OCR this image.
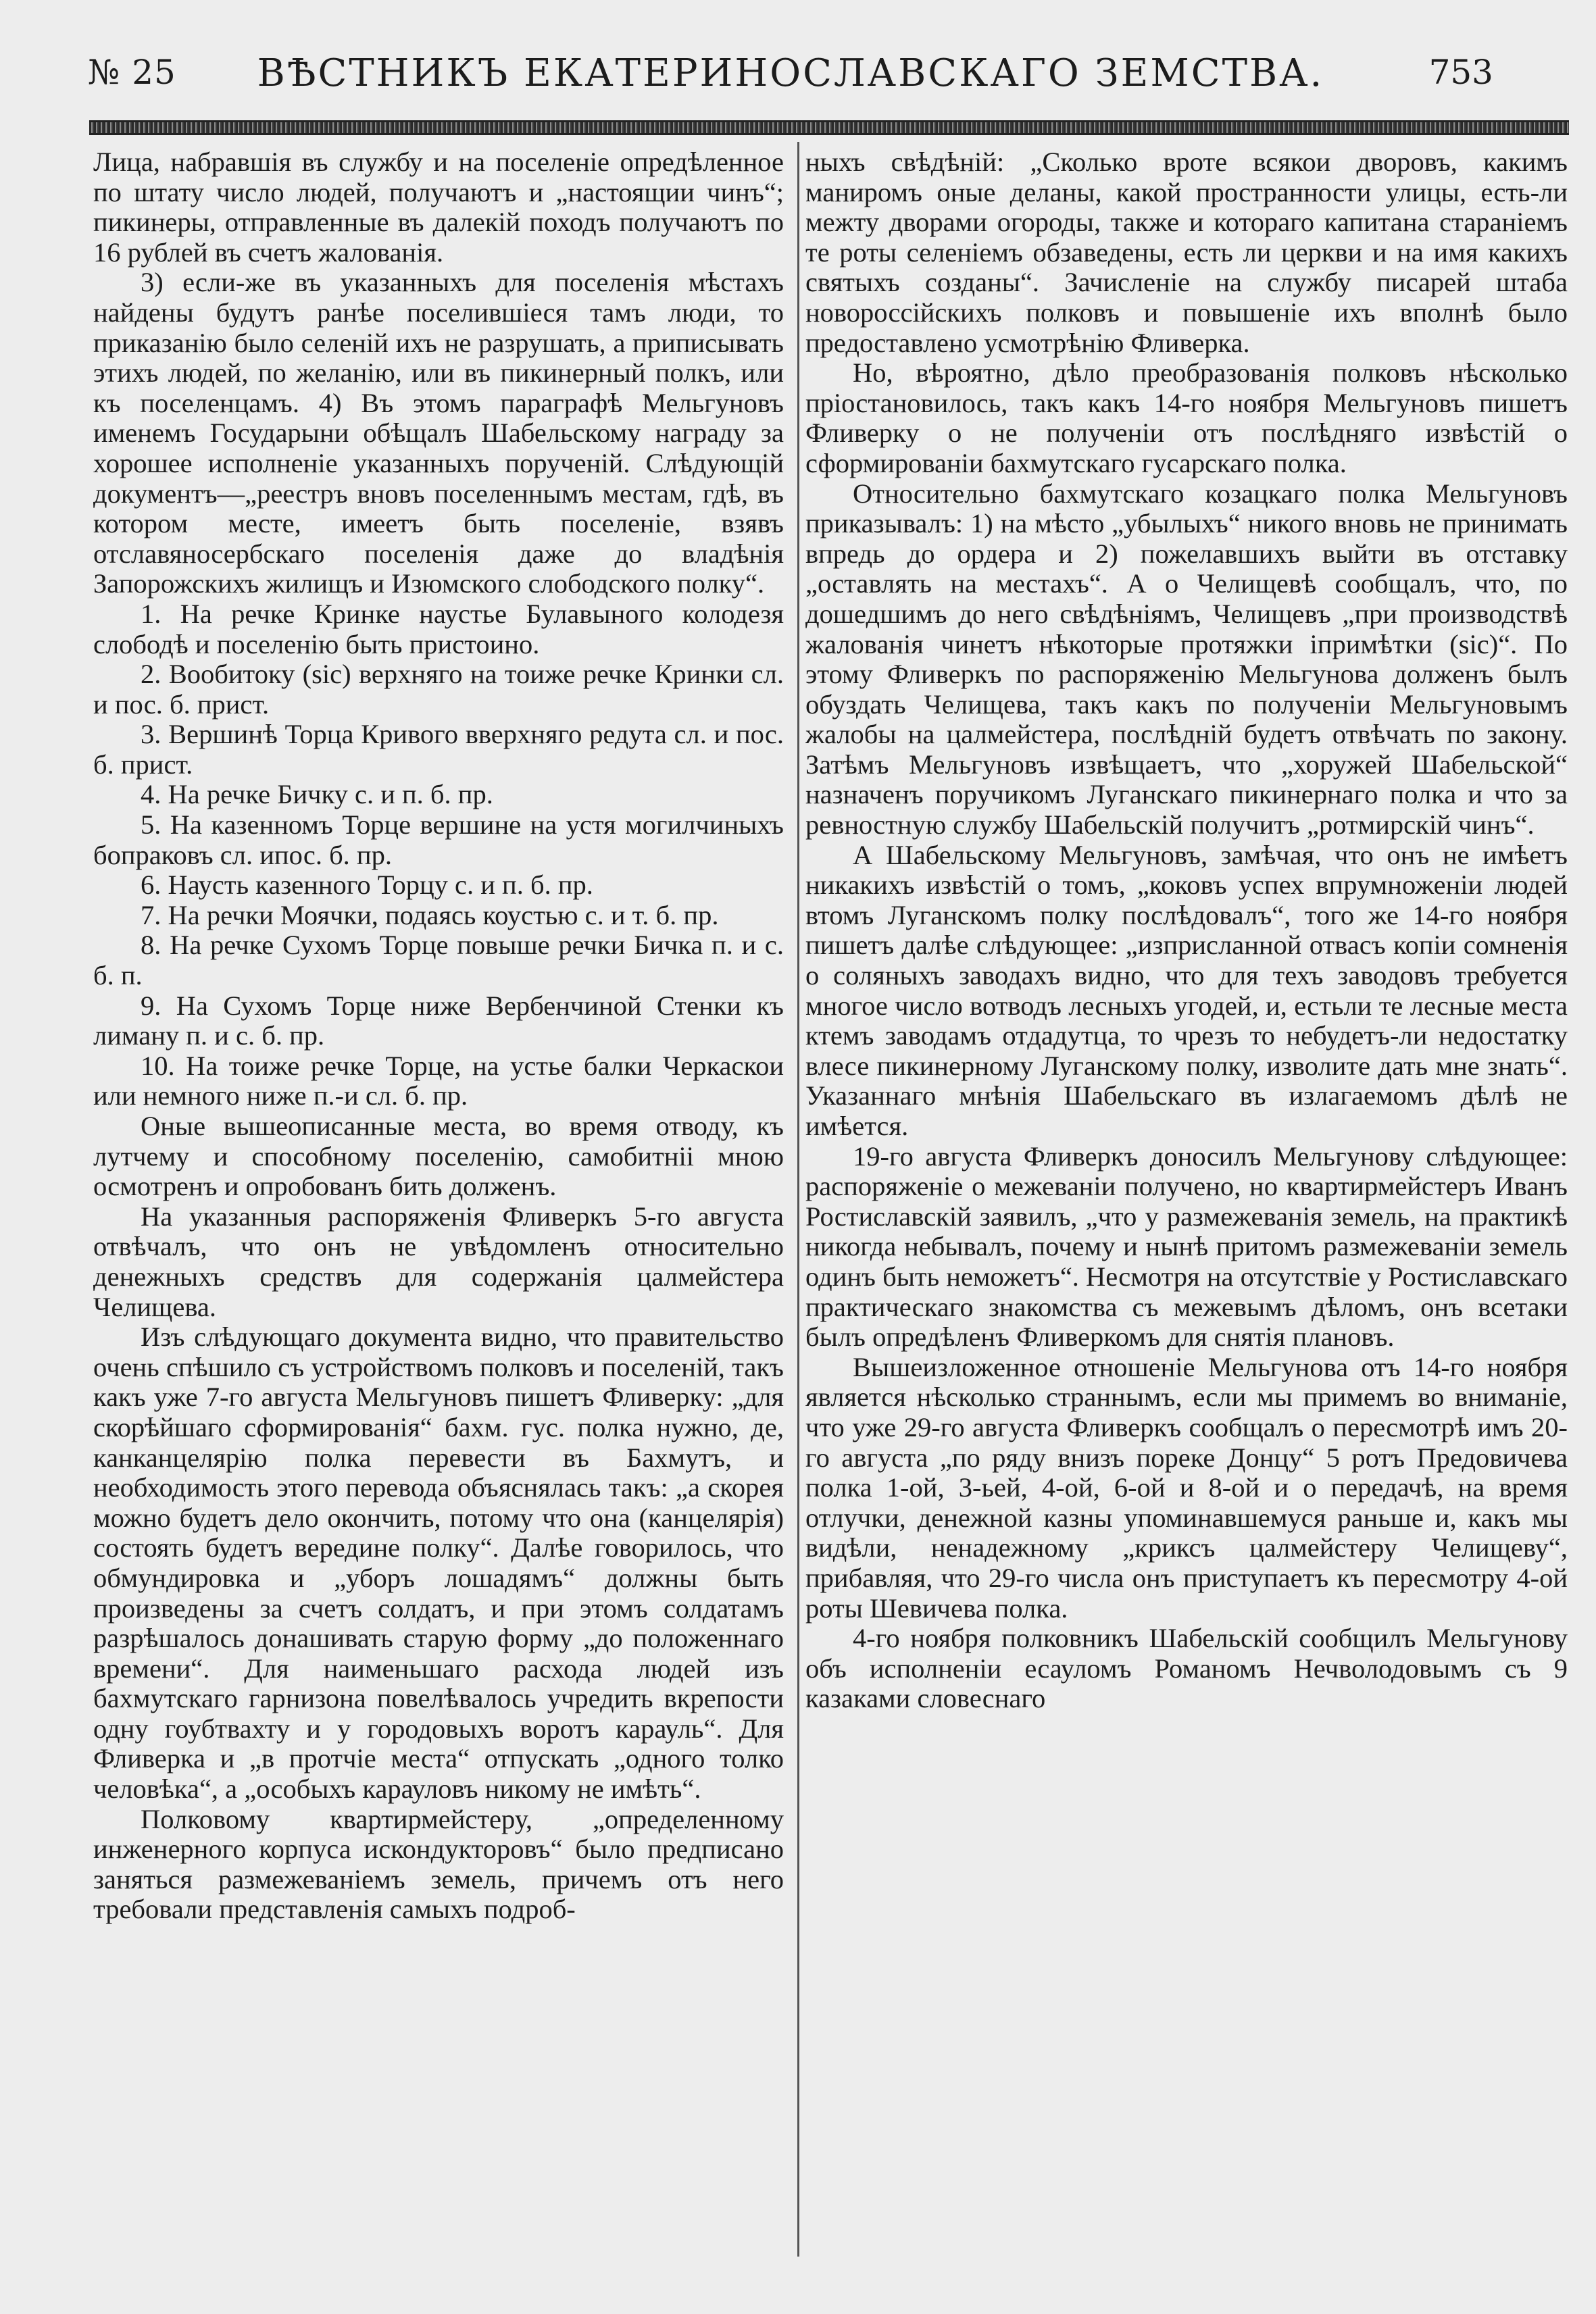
№ 25	ВѢСТНИКЪ ЕКАТЕРИНОСЛАВСКАГО ЗЕМСТВА.	753

Лица, набравшія въ службу и на поселеніе опредѣленное по штату число людей, получаютъ и „настоящии чинъ“; пикинеры, отправленные въ далекій походъ получаютъ по 16 рублей въ счетъ жалованія.

3) если-же въ указанныхъ для поселенія мѣстахъ найдены будутъ ранѣе поселившіеся тамъ люди, то приказанію было селеній ихъ не разрушать, а приписывать этихъ людей, по желанію, или въ пикинерный полкъ, или къ поселенцамъ. 4) Въ этомъ параграфѣ Мельгуновъ именемъ Государыни обѣщалъ Шабельскому награду за хорошее исполненіе указанныхъ порученій. Слѣдующій документъ—„реестръ вновъ поселеннымъ местам, гдѣ, въ котором месте, имеетъ быть поселеніе, взявъ отславяносербскаго поселенія даже до владѣнія Запорожскихъ жилищъ и Изюмского слободского полку“.

1. На речке Кринке наустье Булавыного колодезя слободѣ и поселенію быть пристоино.

2. Вообитоку (sic) верхняго на тоиже речке Кринки сл. и пос. б. прист.

3. Вершинѣ Торца Кривого вверхняго редута сл. и пос. б. прист.

4. На речке Бичку с. и п. б. пр.

5. На казенномъ Торце вершине на устя могилчиныхъ бопраковъ сл. ипос. б. пр.

6. Наусть казенного Торцу с. и п. б. пр.

7. На речки Моячки, подаясь коустью с. и т. б. пр.

8. На речке Сухомъ Торце повыше речки Бичка п. и с. б. п.

9. На Сухомъ Торце ниже Вербенчиной Стенки къ лиману п. и с. б. пр.

10. На тоиже речке Торце, на устье балки Черкаскои или немного ниже п.-и сл. б. пр.

Оные вышеописанные места, во время отводу, къ лутчему и способному поселенію, самобитніі мною осмотренъ и опробованъ бить долженъ.

На указанныя распоряженія Фливеркъ 5-го августа отвѣчалъ, что онъ не увѣдомленъ относительно денежныхъ средствъ для содержанія цалмейстера Челищева.

Изъ слѣдующаго документа видно, что правительство очень спѣшило съ устройствомъ полковъ и поселеній, такъ какъ уже 7-го августа Мельгуновъ пишетъ Фливерку: „для скорѣйшаго сформированія“ бахм. гус. полка нужно, де, канканцелярію полка перевести въ Бахмутъ, и необходимость этого перевода объяснялась такъ: „а скорея можно будетъ дело окончить, потому что она (канцелярія) состоять будетъ вередине полку“. Далѣе говорилось, что обмундировка и „уборъ лошадямъ“ должны быть произведены за счетъ солдатъ, и при этомъ солдатамъ разрѣшалось донашивать старую форму „до положеннаго времени“. Для наименьшаго расхода людей изъ бахмутскаго гарнизона повелѣвалось учредить вкрепости одну гоубтвахту и у городовыхъ воротъ карауль“. Для Фливерка и „в протчіе места“ отпускать „одного толко человѣка“, а „особыхъ карауловъ никому не имѣть“.

Полковому квартирмейстеру, „определенному инженерного корпуса искондукторовъ“ было предписано заняться размежеваніемъ земель, причемъ отъ него требовали представленія самыхъ подроб-

ныхъ свѣдѣній: „Сколько вроте всякои дворовъ, какимъ маниромъ оные деланы, какой пространности улицы, есть-ли межту дворами огороды, также и котораго капитана стараніемъ те роты селеніемъ обзаведены, есть ли церкви и на имя какихъ святыхъ созданы“. Зачисленіе на службу писарей штаба новороссійскихъ полковъ и повышеніе ихъ вполнѣ было предоставлено усмотрѣнію Фливерка.

Но, вѣроятно, дѣло преобразованія полковъ нѣсколько пріостановилось, такъ какъ 14-го ноября Мельгуновъ пишетъ Фливерку о не полученіи отъ послѣдняго извѣстій о сформированіи бахмутскаго гусарскаго полка.

Относительно бахмутскаго козацкаго полка Мельгуновъ приказывалъ: 1) на мѣсто „убылыхъ“ никого вновь не принимать впредь до ордера и 2) пожелавшихъ выйти въ отставку „оставлять на местахъ“. А о Челищевѣ сообщалъ, что, по дошедшимъ до него свѣдѣніямъ, Челищевъ „при производствѣ жалованія чинетъ нѣкоторые протяжки іпримѣтки (sic)“. По этому Фливеркъ по распоряженію Мельгунова долженъ былъ обуздать Челищева, такъ какъ по полученіи Мельгуновымъ жалобы на цалмейстера, послѣдній будетъ отвѣчать по закону. Затѣмъ Мельгуновъ извѣщаетъ, что „хоружей Шабельской“ назначенъ поручикомъ Луганскаго пикинернаго полка и что за ревностную службу Шабельскій получитъ „ротмирскій чинъ“.

А Шабельскому Мельгуновъ, замѣчая, что онъ не имѣетъ никакихъ извѣстій о томъ, „коковъ успех впрумноженіи людей втомъ Луганскомъ полку послѣдовалъ“, того же 14-го ноября пишетъ далѣе слѣдующее: „изприсланной отвасъ копіи сомненія о соляныхъ заводахъ видно, что для техъ заводовъ требуется многое число вотводъ лесныхъ угодей, и, естьли те лесные места ктемъ заводамъ отдадутца, то чрезъ то небудетъ-ли недостатку влесе пикинерному Луганскому полку, изволите дать мне знать“. Указаннаго мнѣнія Шабельскаго въ излагаемомъ дѣлѣ не имѣется.

19-го августа Фливеркъ доносилъ Мельгунову слѣдующее: распоряженіе о межеваніи получено, но квартирмейстеръ Иванъ Ростиславскій заявилъ, „что у размежеванія земель, на практикѣ никогда небывалъ, почему и нынѣ притомъ размежеваніи земель одинъ быть неможетъ“. Несмотря на отсутствіе у Ростиславскаго практическаго знакомства съ межевымъ дѣломъ, онъ всетаки былъ опредѣленъ Фливеркомъ для снятія плановъ.

Вышеизложенное отношеніе Мельгунова отъ 14-го ноября является нѣсколько страннымъ, если мы примемъ во вниманіе, что уже 29-го августа Фливеркъ сообщалъ о пересмотрѣ имъ 20-го августа „по ряду внизъ пореке Донцу“ 5 ротъ Предовичева полка 1-ой, 3-ьей, 4-ой, 6-ой и 8-ой и о передачѣ, на время отлучки, денежной казны упоминавшемуся раньше и, какъ мы видѣли, ненадежному „криксъ цалмейстеру Челищеву“, прибавляя, что 29-го числа онъ приступаетъ къ пересмотру 4-ой роты Шевичева полка.

4-го ноября полковникъ Шабельскій сообщилъ Мельгунову объ исполненіи есауломъ Романомъ Нечволодовымъ съ 9 казаками словеснаго
